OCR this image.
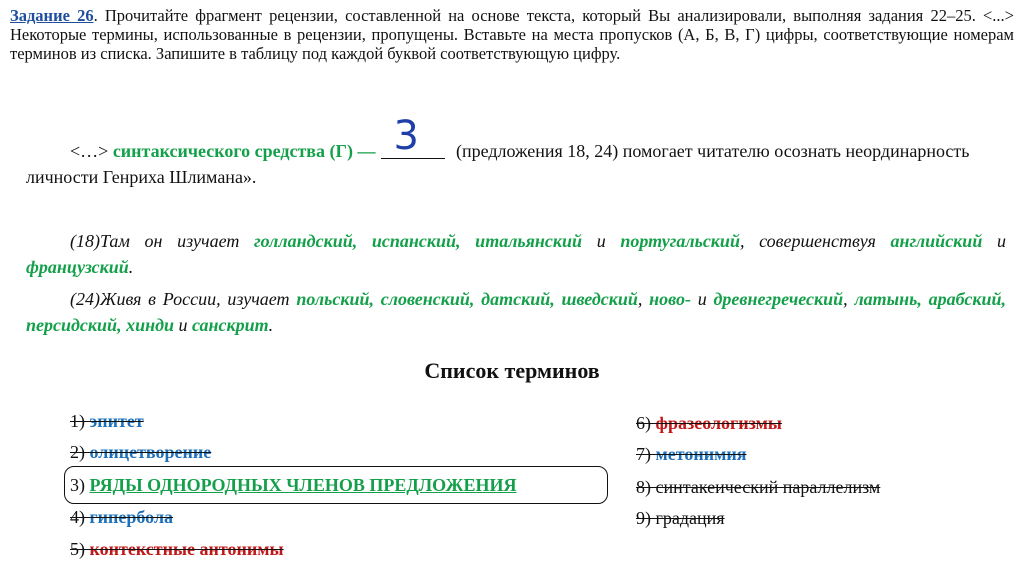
Задание 26. Прочитайте фрагмент рецензии, составленной на основе текста, который Вы анализировали, выполняя задания 22–25. <...> Некоторые термины, использованные в рецензии, пропущены. Вставьте на места пропусков (А, Б, В, Г) цифры, соответствующие номерам терминов из списка. Запишите в таблицу под каждой буквой соответствующую цифру.
<…> синтаксического средства (Г) — 3 (предложения 18, 24) помогает читателю осознать неординарность личности Генриха Шлимана».
(18)Там он изучает голландский, испанский, итальянский и португальский, совершенствуя английский и французский.
(24)Живя в России, изучает польский, словенский, датский, шведский, ново- и древнегреческий, латынь, арабский, персидский, хинди и санскрит.
Список терминов
1) эпитет
2) олицетворение
3) РЯДЫ ОДНОРОДНЫХ ЧЛЕНОВ ПРЕДЛОЖЕНИЯ
4) гипербола
5) контекстные антонимы
6) фразеологизмы
7) метонимия
8) синтакеический параллелизм
9) градация
